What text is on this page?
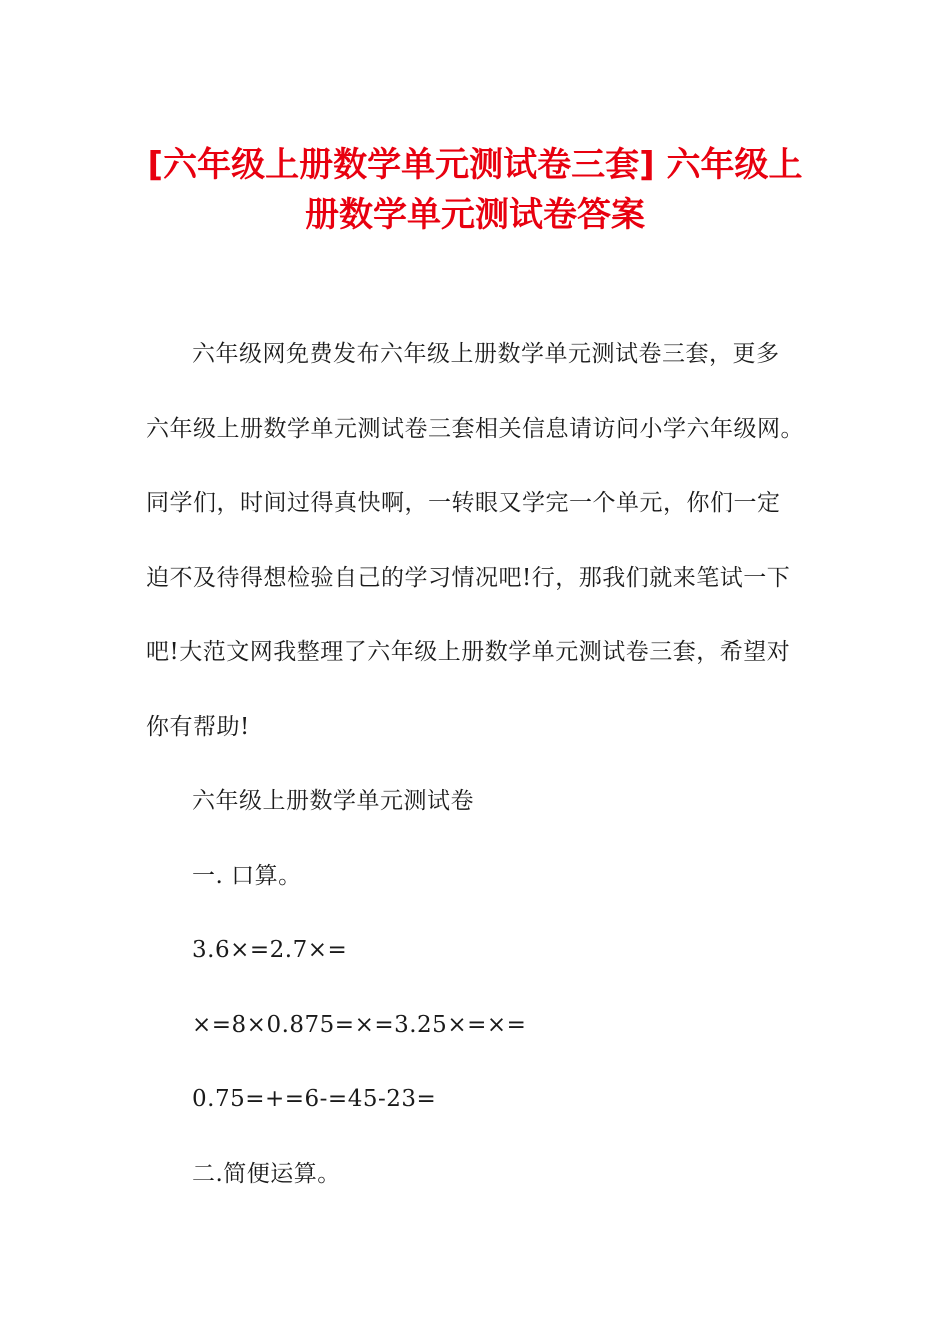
[六年级上册数学单元测试卷三套] 六年级上册数学单元测试卷答案
六年级网免费发布六年级上册数学单元测试卷三套，更多
六年级上册数学单元测试卷三套相关信息请访问小学六年级网。
同学们，时间过得真快啊，一转眼又学完一个单元，你们一定
迫不及待得想检验自己的学习情况吧!行，那我们就来笔试一下
吧!大范文网我整理了六年级上册数学单元测试卷三套，希望对
你有帮助!
六年级上册数学单元测试卷
一. 口算。
3.6×=2.7×=
×=8×0.875=×=3.25×=×=
0.75=+=6-=45-23=
二.简便运算。
